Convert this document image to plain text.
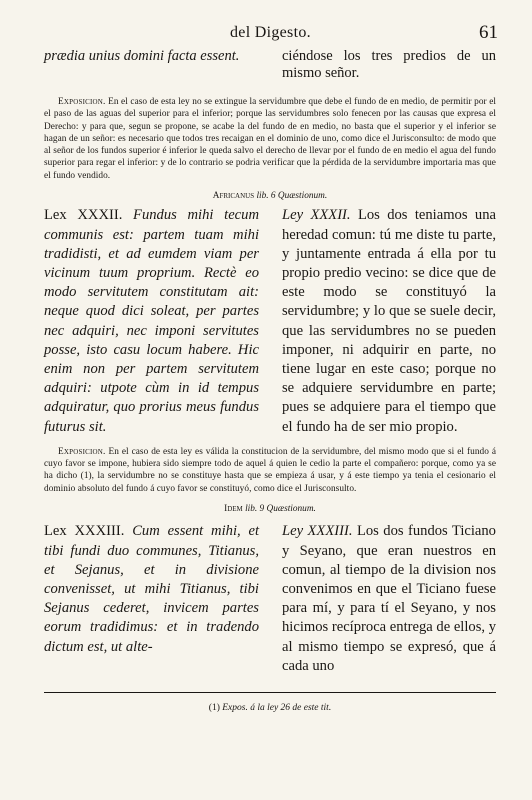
del Digesto.	61
prædia unius domini facta essent.	ciéndose los tres predios de un mismo señor.

Exposicion. En el caso de esta ley no se extingue la servidumbre que debe el fundo de en medio, de permitir por el el paso de las aguas del superior para el inferior; porque las servidumbres solo fenecen por las causas que expresa el Derecho: y para que, segun se propone, se acabe la del fundo de en medio, no basta que el superior y el inferior se hagan de un señor: es necesario que todos tres recaigan en el dominio de uno, como dice el Jurisconsulto: de modo que al señor de los fundos superior é inferior le queda salvo el derecho de llevar por el fundo de en medio el agua del fundo superior para regar el inferior: y de lo contrario se podria verificar que la pérdida de la servidumbre importaria mas que el fundo vendido.

Africanus lib. 6 Quæstionum.
Lex XXXII. Fundus mihi tecum communis est: partem tuam mihi tradidisti, et ad eumdem viam per vicinum tuum proprium. Rectè eo modo servitutem constitutam ait: neque quod dici soleat, per partes nec adquiri, nec imponi servitutes posse, isto casu locum habere. Hic enim non per partem servitutem adquiri: utpote cùm in id tempus adquiratur, quo prorius meus fundus futurus sit.
Ley XXXII. Los dos teniamos una heredad comun: tú me diste tu parte, y juntamente entrada á ella por tu propio predio vecino: se dice que de este modo se constituyó la servidumbre; y lo que se suele decir, que las servidumbres no se pueden imponer, ni adquirir en parte, no tiene lugar en este caso; porque no se adquiere servidumbre en parte; pues se adquiere para el tiempo que el fundo ha de ser mio propio.

Exposicion. En el caso de esta ley es válida la constitucion de la servidumbre, del mismo modo que si el fundo á cuyo favor se impone, hubiera sido siempre todo de aquel á quien le cedio la parte el compañero: porque, como ya se ha dicho (1), la servidumbre no se constituye hasta que se empieza á usar, y á este tiempo ya tenia el cesionario el dominio absoluto del fundo á cuyo favor se constituyó, como dice el Jurisconsulto.

Idem lib. 9 Quæstionum.
Lex XXXIII. Cum essent mihi, et tibi fundi duo communes, Titianus, et Sejanus, et in divisione convenisset, ut mihi Titianus, tibi Sejanus cederet, invicem partes eorum tradidimus: et in tradendo dictum est, ut alte-
Ley XXXIII. Los dos fundos Ticiano y Seyano, que eran nuestros en comun, al tiempo de la division nos convenimos en que el Ticiano fuese para mí, y para tí el Seyano, y nos hicimos recíproca entrega de ellos, y al mismo tiempo se expresó, que á cada uno
(1) Expos. á la ley 26 de este tit.
